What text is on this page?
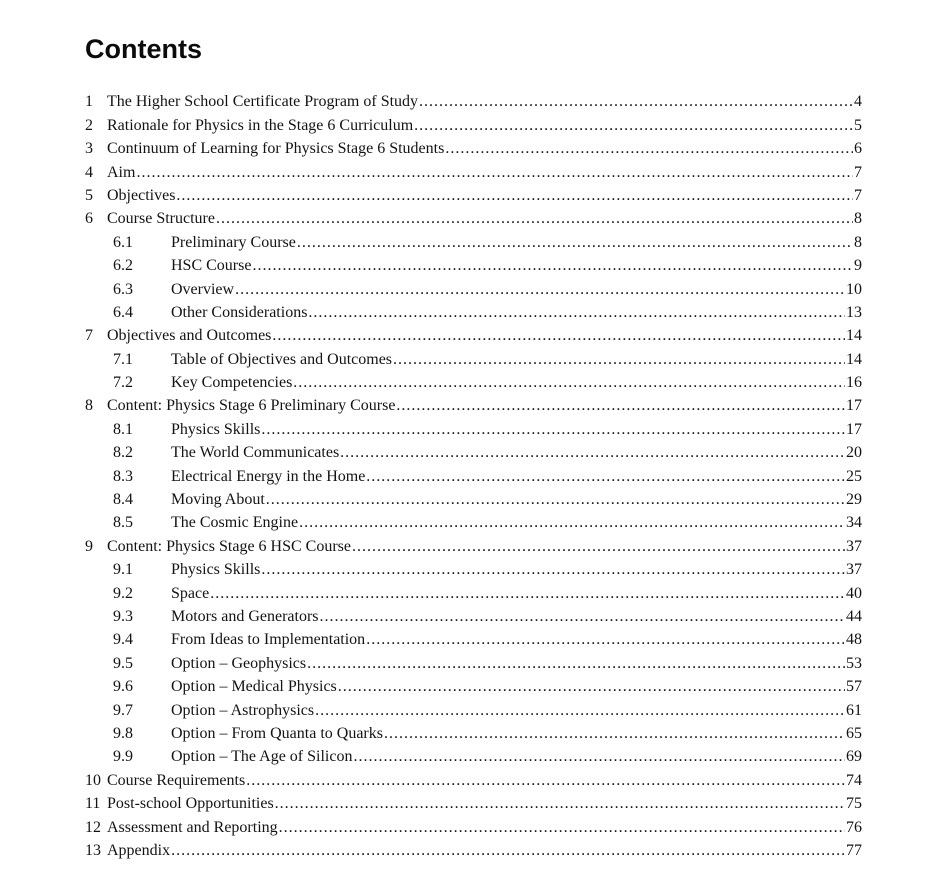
Contents
1 The Higher School Certificate Program of Study .....	4
2 Rationale for Physics in the Stage 6 Curriculum .....	5
3 Continuum of Learning for Physics Stage 6 Students .....	6
4 Aim .....	7
5 Objectives .....	7
6 Course Structure .....	8
6.1	Preliminary Course .....	8
6.2	HSC Course .....	9
6.3	Overview .....	10
6.4	Other Considerations .....	13
7 Objectives and Outcomes .....	14
7.1	Table of Objectives and Outcomes .....	14
7.2	Key Competencies .....	16
8 Content: Physics Stage 6 Preliminary Course .....	17
8.1	Physics Skills .....	17
8.2	The World Communicates .....	20
8.3	Electrical Energy in the Home .....	25
8.4	Moving About .....	29
8.5	The Cosmic Engine .....	34
9 Content: Physics Stage 6 HSC Course .....	37
9.1	Physics Skills .....	37
9.2	Space .....	40
9.3	Motors and Generators .....	44
9.4	From Ideas to Implementation .....	48
9.5	Option – Geophysics .....	53
9.6	Option – Medical Physics .....	57
9.7	Option – Astrophysics .....	61
9.8	Option – From Quanta to Quarks .....	65
9.9	Option – The Age of Silicon .....	69
10 Course Requirements .....	74
11 Post-school Opportunities .....	75
12 Assessment and Reporting .....	76
13 Appendix .....	77
